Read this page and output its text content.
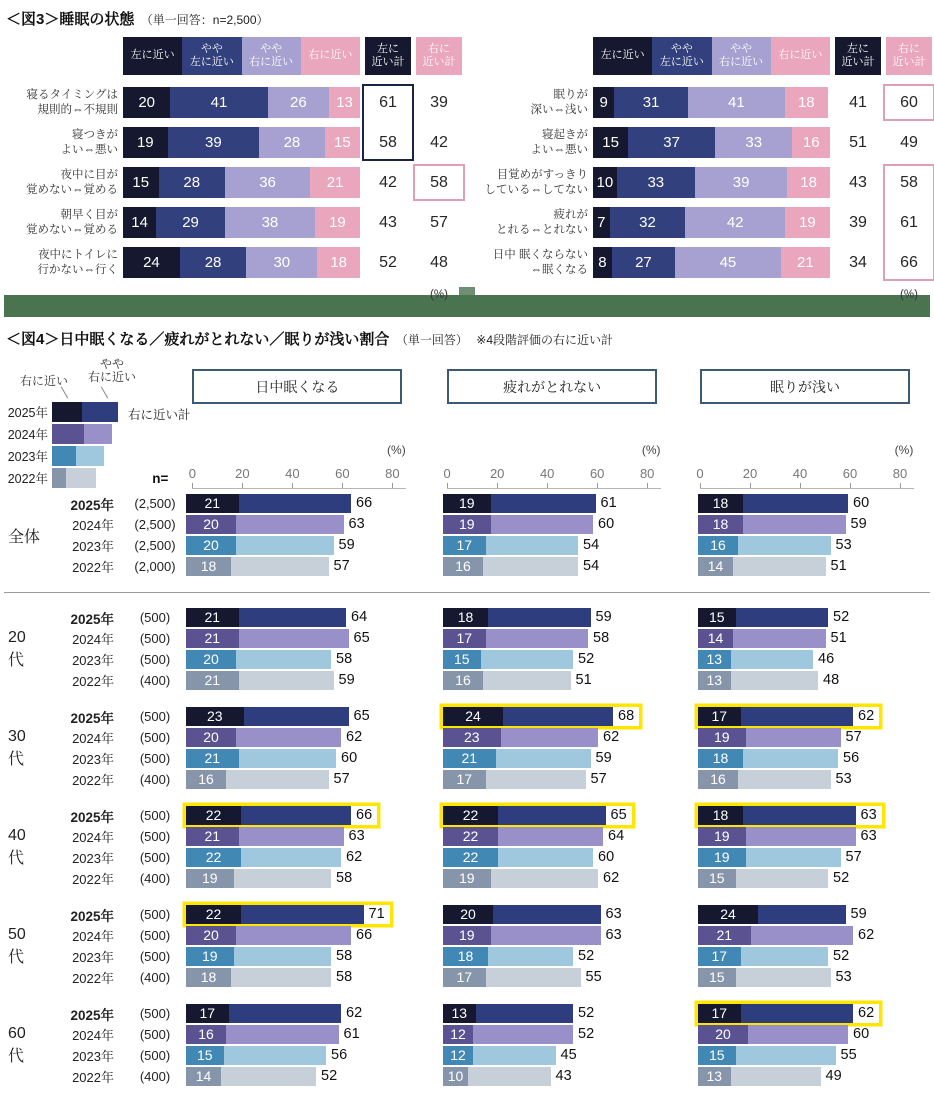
＜図3＞睡眠の状態 （単一回答：n=2,500）
左に近い
やや
左に近い
やや
右に近い
右に近い
左に
近い計
右に
近い計
寝るタイミングは
規則的⇔不規則	20	41	26	13	61	39
寝つきが
よい⇔悪い	19	39	28	15	58	42
夜中に目が
覚めない⇔覚める 15	28	36	21	42	58
朝早く目が
覚めない⇔覚める 14	29	38	19	43	57
夜中にトイレに
行かない⇔行く	24	28	30	18	52	48
(%)
左に近い
やや
左に近い
やや
右に近い
右に近い
左に
近い計
右に
近い計
眠りが
深い⇔浅い 9	31	41	18	41	60
寝起きが
よい⇔悪い 15	37	33	16	51	49
目覚めがすっきり
している⇔してない 10	33	39	18	43	58
疲れが
とれる⇔とれない 7	32	42	19	39	61
日中 眠くならない
⇔眠くなる 8	27	45	21	34	66
(%)
＜図4＞日中眠くなる／疲れがとれない／眠りが浅い割合 （単一回答） ※4段階評価の右に近い計
右に近い
やや
右に近い
2025年
2024年
2023年
2022年
右に近い計
n=
日中眠くなる
(%)
0	20	40	60	80
疲れがとれない
(%)
0	20	40	60	80
眠りが浅い
(%)
0	20	40	60	80
全体
2025年	(2,500)	21	66	19	61	18	60
2024年	(2,500)	20	63	19	60	18	59
2023年	(2,500)	20	59	17	54	16	53
2022年	(2,000)	18	57	16	54	14	51
20代
2025年	(500)	21	64	18	59	15	52
2024年	(500)	21	65	17	58	14	51
2023年	(500)	20	58	15	52	13	46
2022年	(400)	21	59	16	51	13	48
30代
2025年	(500)	23	65	24	68	17	62
2024年	(500)	20	62	23	62	19	57
2023年	(500)	21	60	21	59	18	56
2022年	(400)	16	57	17	57	16	53
40代
2025年	(500)	22	66	22	65	18	63
2024年	(500)	21	63	22	64	19	63
2023年	(500)	22	62	22	60	19	57
2022年	(400)	19	58	19	62	15	52
50代
2025年	(500)	22	71	20	63	24	59
2024年	(500)	20	66	19	63	21	62
2023年	(500)	19	58	18	52	17	52
2022年	(400)	18	58	17	55	15	53
60代
2025年	(500)	17	62	13	52	17	62
2024年	(500)	16	61	12	52	20	60
2023年	(500)	15	56	12	45	15	55
2022年	(400)	14	52	10	43	13	49
